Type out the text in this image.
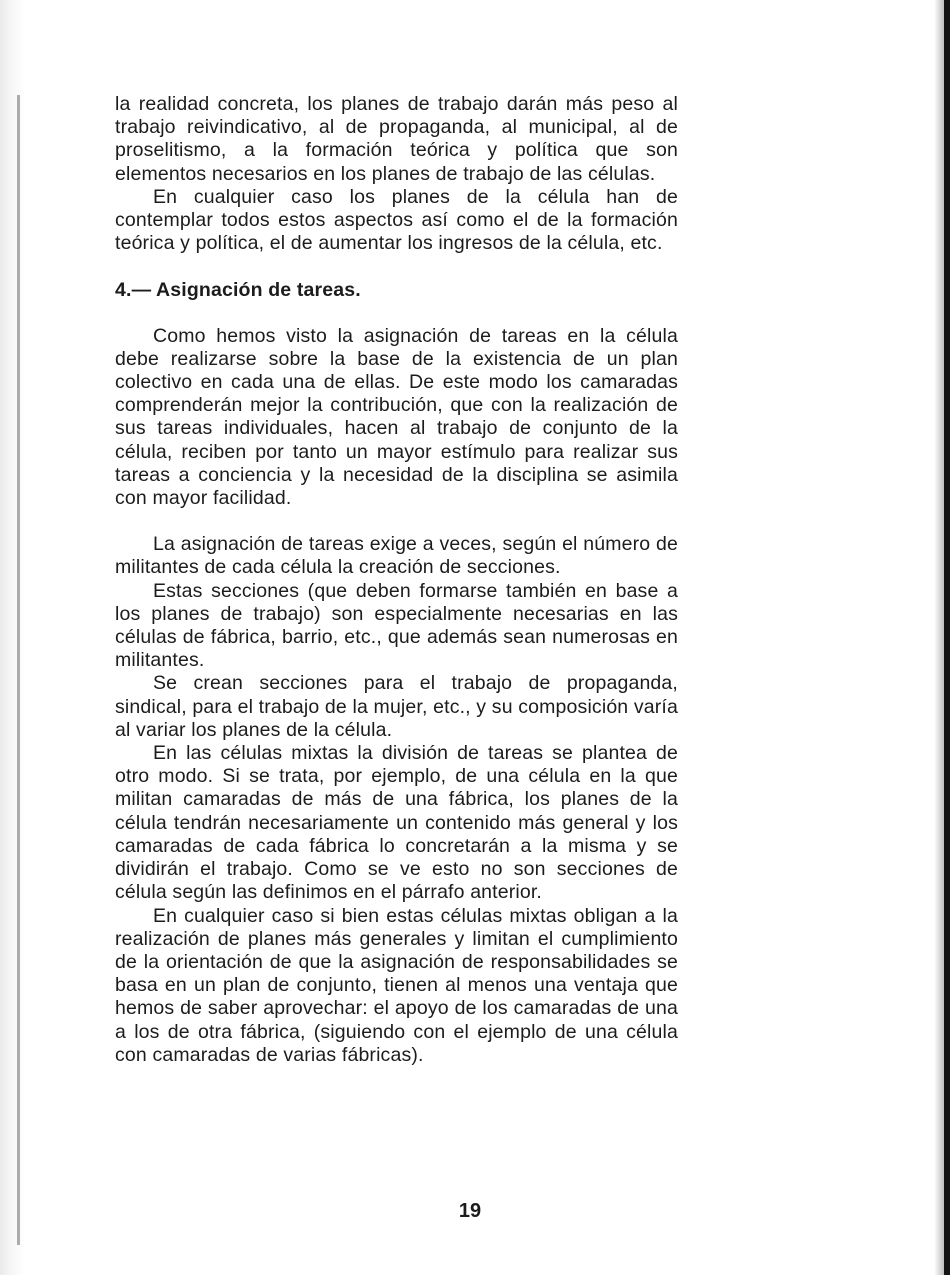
la realidad concreta, los planes de trabajo darán más peso al trabajo reivindicativo, al de propaganda, al municipal, al de proselitismo, a la formación teórica y política que son elementos necesarios en los planes de trabajo de las células.

En cualquier caso los planes de la célula han de contemplar todos estos aspectos así como el de la formación teórica y política, el de aumentar los ingresos de la célula, etc.

4.— Asignación de tareas.

Como hemos visto la asignación de tareas en la célula debe realizarse sobre la base de la existencia de un plan colectivo en cada una de ellas. De este modo los camaradas comprenderán mejor la contribución, que con la realización de sus tareas individuales, hacen al trabajo de conjunto de la célula, reciben por tanto un mayor estímulo para realizar sus tareas a conciencia y la necesidad de la disciplina se asimila con mayor facilidad.

La asignación de tareas exige a veces, según el número de militantes de cada célula la creación de secciones.

Estas secciones (que deben formarse también en base a los planes de trabajo) son especialmente necesarias en las células de fábrica, barrio, etc., que además sean numerosas en militantes.

Se crean secciones para el trabajo de propaganda, sindical, para el trabajo de la mujer, etc., y su composición varía al variar los planes de la célula.

En las células mixtas la división de tareas se plantea de otro modo. Si se trata, por ejemplo, de una célula en la que militan camaradas de más de una fábrica, los planes de la célula tendrán necesariamente un contenido más general y los camaradas de cada fábrica lo concretarán a la misma y se dividirán el trabajo. Como se ve esto no son secciones de célula según las definimos en el párrafo anterior.

En cualquier caso si bien estas células mixtas obligan a la realización de planes más generales y limitan el cumplimiento de la orientación de que la asignación de responsabilidades se basa en un plan de conjunto, tienen al menos una ventaja que hemos de saber aprovechar: el apoyo de los camaradas de una a los de otra fábrica, (siguiendo con el ejemplo de una célula con camaradas de varias fábricas).

19
